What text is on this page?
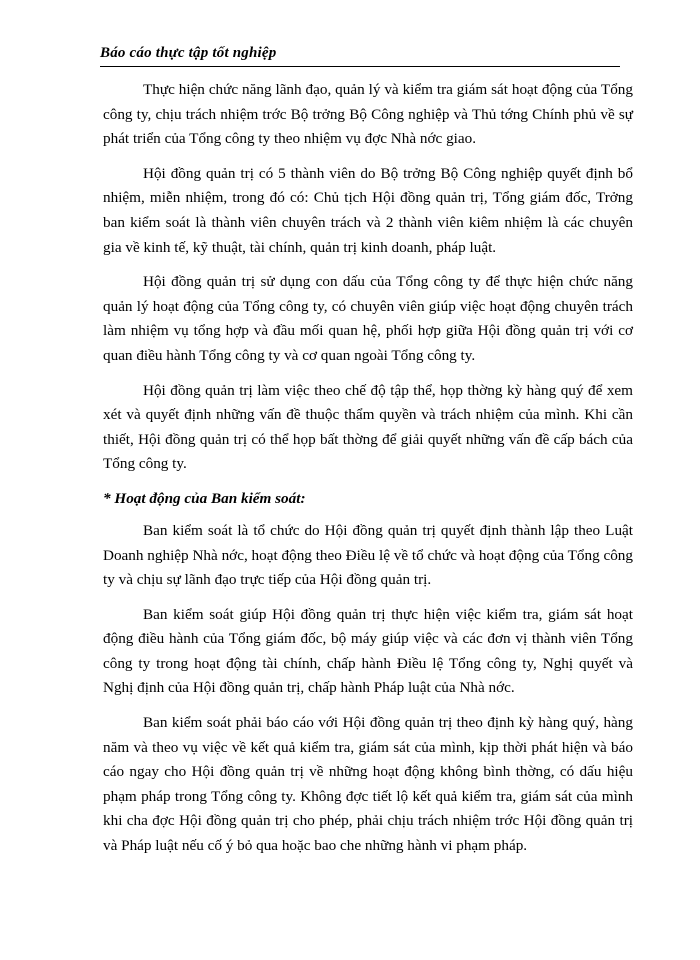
Báo cáo thực tập tốt nghiệp

Thực hiện chức năng lãnh đạo, quản lý và kiểm tra giám sát hoạt động của Tổng công ty, chịu trách nhiệm trớc Bộ trởng Bộ Công nghiệp và Thủ tớng Chính phủ về sự phát triển của Tổng công ty theo nhiệm vụ đợc Nhà nớc giao.

Hội đồng quản trị có 5 thành viên do Bộ trởng Bộ Công nghiệp quyết định bổ nhiệm, miễn nhiệm, trong đó có: Chủ tịch Hội đồng quản trị, Tổng giám đốc, Trởng ban kiểm soát là thành viên chuyên trách và 2 thành viên kiêm nhiệm là các chuyên gia về kinh tế, kỹ thuật, tài chính, quản trị kinh doanh, pháp luật.

Hội đồng quản trị sử dụng con dấu của Tổng công ty để thực hiện chức năng quản lý hoạt động của Tổng công ty, có chuyên viên giúp việc hoạt động chuyên trách làm nhiệm vụ tổng hợp và đầu mối quan hệ, phối hợp giữa Hội đồng quản trị với cơ quan điều hành Tổng công ty và cơ quan ngoài Tổng công ty.

Hội đồng quản trị làm việc theo chế độ tập thể, họp thờng kỳ hàng quý để xem xét và quyết định những vấn đề thuộc thẩm quyền và trách nhiệm của mình. Khi cần thiết, Hội đồng quản trị có thể họp bất thờng để giải quyết những vấn đề cấp bách của Tổng công ty.

* Hoạt động của Ban kiểm soát:

Ban kiểm soát là tổ chức do Hội đồng quản trị quyết định thành lập theo Luật Doanh nghiệp Nhà nớc, hoạt động theo Điều lệ về tổ chức và hoạt động của Tổng công ty và chịu sự lãnh đạo trực tiếp của Hội đồng quản trị.

Ban kiểm soát giúp Hội đồng quản trị thực hiện việc kiểm tra, giám sát hoạt động điều hành của Tổng giám đốc, bộ máy giúp việc và các đơn vị thành viên Tổng công ty trong hoạt động tài chính, chấp hành Điều lệ Tổng công ty, Nghị quyết và Nghị định của Hội đồng quản trị, chấp hành Pháp luật của Nhà nớc.

Ban kiểm soát phải báo cáo với Hội đồng quản trị theo định kỳ hàng quý, hàng năm và theo vụ việc về kết quả kiểm tra, giám sát của mình, kịp thời phát hiện và báo cáo ngay cho Hội đồng quản trị về những hoạt động không bình thờng, có dấu hiệu phạm pháp trong Tổng công ty. Không đợc tiết lộ kết quả kiểm tra, giám sát của mình khi cha đợc Hội đồng quản trị cho phép, phải chịu trách nhiệm trớc Hội đồng quản trị và Pháp luật nếu cố ý bỏ qua hoặc bao che những hành vi phạm pháp.
